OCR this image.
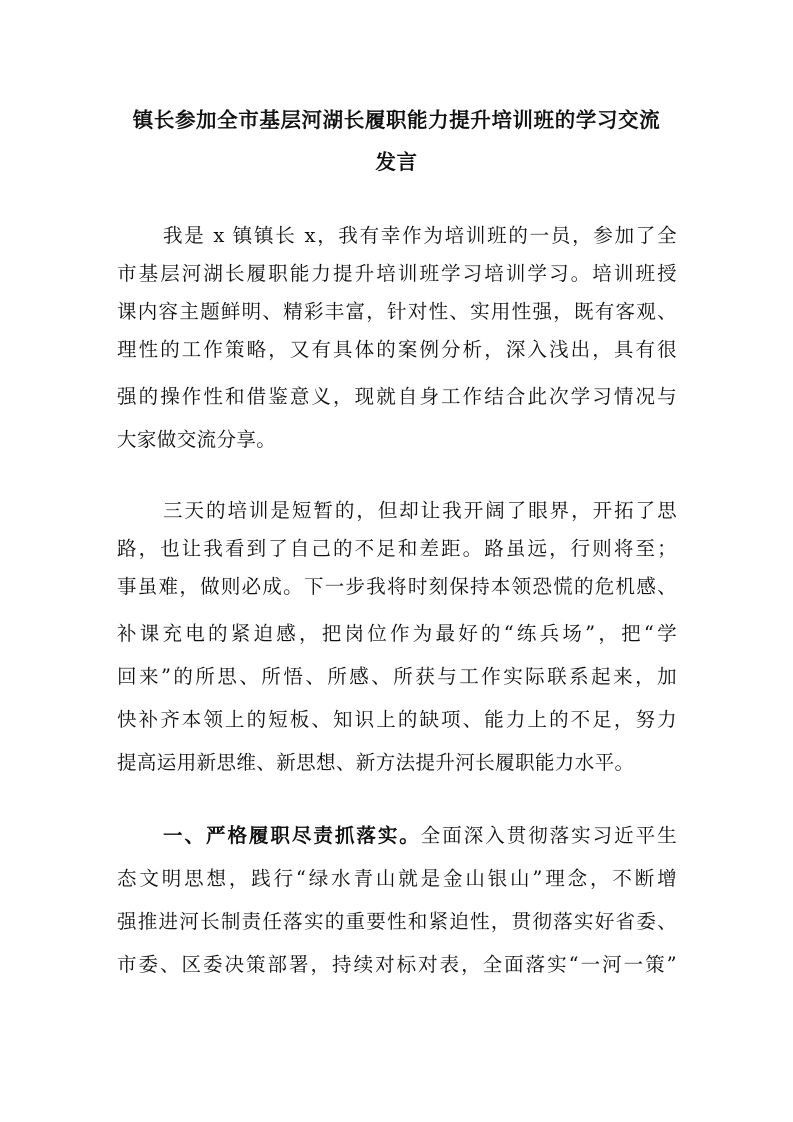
镇长参加全市基层河湖长履职能力提升培训班的学习交流
发言
我是 x 镇镇长 x，我有幸作为培训班的一员，参加了全
市基层河湖长履职能力提升培训班学习培训学习。培训班授
课内容主题鲜明、精彩丰富，针对性、实用性强，既有客观、
理性的工作策略，又有具体的案例分析，深入浅出，具有很
强的操作性和借鉴意义，现就自身工作结合此次学习情况与
大家做交流分享。
三天的培训是短暂的，但却让我开阔了眼界，开拓了思
路，也让我看到了自己的不足和差距。路虽远，行则将至；
事虽难，做则必成。下一步我将时刻保持本领恐慌的危机感、
补课充电的紧迫感，把岗位作为最好的“练兵场”，把“学
回来”的所思、所悟、所感、所获与工作实际联系起来，加
快补齐本领上的短板、知识上的缺项、能力上的不足，努力
提高运用新思维、新思想、新方法提升河长履职能力水平。
一、严格履职尽责抓落实。全面深入贯彻落实习近平生
态文明思想，践行“绿水青山就是金山银山”理念，不断增
强推进河长制责任落实的重要性和紧迫性，贯彻落实好省委、
市委、区委决策部署，持续对标对表，全面落实“一河一策”
